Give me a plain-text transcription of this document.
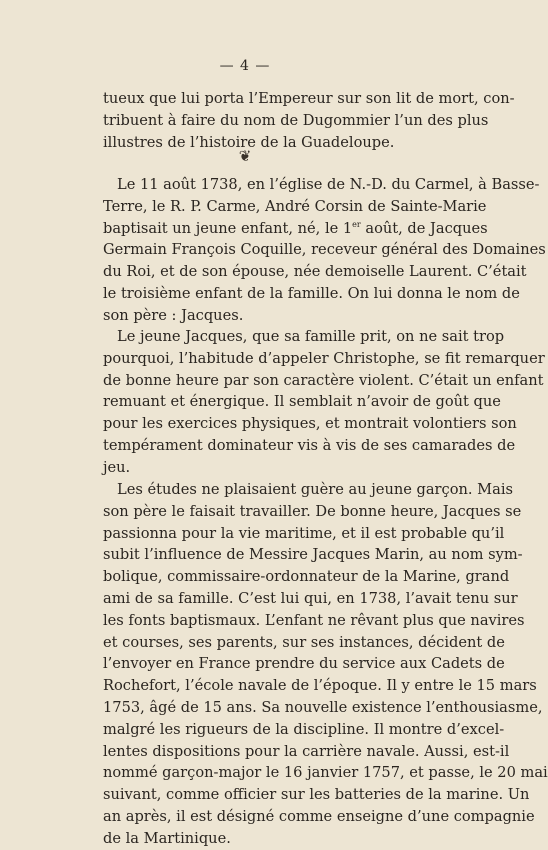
— 4 —
tueux que lui porta l’Empereur sur son lit de mort, con-
tribuent à faire du nom de Dugommier l’un des plus
illustres de l’histoire de la Guadeloupe.
❦
Le 11 août 1738, en l’église de N.-D. du Carmel, à Basse-
Terre, le R. P. Carme, André Corsin de Sainte-Marie
baptisait un jeune enfant, né, le 1er août, de Jacques
Germain François Coquille, receveur général des Domaines
du Roi, et de son épouse, née demoiselle Laurent. C’était
le troisième enfant de la famille. On lui donna le nom de
son père : Jacques.
Le jeune Jacques, que sa famille prit, on ne sait trop
pourquoi, l’habitude d’appeler Christophe, se fit remarquer
de bonne heure par son caractère violent. C’était un enfant
remuant et énergique. Il semblait n’avoir de goût que
pour les exercices physiques, et montrait volontiers son
tempérament dominateur vis à vis de ses camarades de
jeu.
Les études ne plaisaient guère au jeune garçon. Mais
son père le faisait travailler. De bonne heure, Jacques se
passionna pour la vie maritime, et il est probable qu’il
subit l’influence de Messire Jacques Marin, au nom sym-
bolique, commissaire-ordonnateur de la Marine, grand
ami de sa famille. C’est lui qui, en 1738, l’avait tenu sur
les fonts baptismaux. L’enfant ne rêvant plus que navires
et courses, ses parents, sur ses instances, décident de
l’envoyer en France prendre du service aux Cadets de
Rochefort, l’école navale de l’époque. Il y entre le 15 mars
1753, âgé de 15 ans. Sa nouvelle existence l’enthousiasme,
malgré les rigueurs de la discipline. Il montre d’excel-
lentes dispositions pour la carrière navale. Aussi, est-il
nommé garçon-major le 16 janvier 1757, et passe, le 20 mai
suivant, comme officier sur les batteries de la marine. Un
an après, il est désigné comme enseigne d’une compagnie
de la Martinique.
